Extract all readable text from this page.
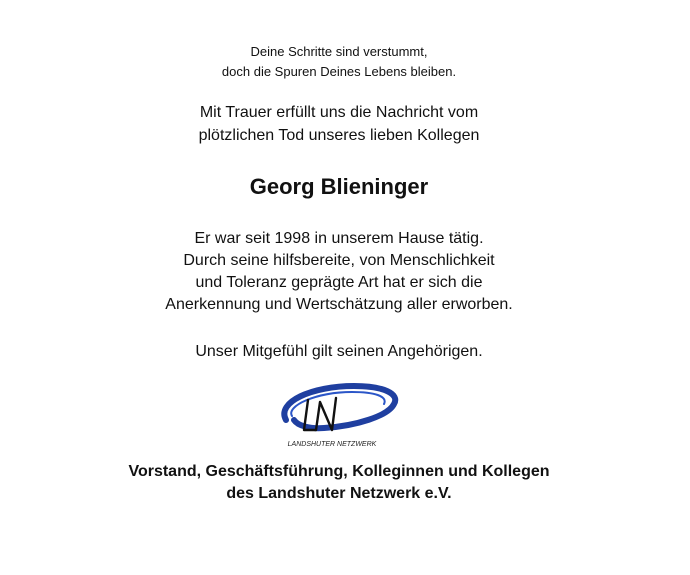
Deine Schritte sind verstummt,
doch die Spuren Deines Lebens bleiben.
Mit Trauer erfüllt uns die Nachricht vom
plötzlichen Tod unseres lieben Kollegen
Georg Blieninger
Er war seit 1998 in unserem Hause tätig.
Durch seine hilfsbereite, von Menschlichkeit
und Toleranz geprägte Art hat er sich die
Anerkennung und Wertschätzung aller erworben.
Unser Mitgefühl gilt seinen Angehörigen.
LANDSHUTER NETZWERK
Vorstand, Geschäftsführung, Kolleginnen und Kollegen
des Landshuter Netzwerk e.V.
